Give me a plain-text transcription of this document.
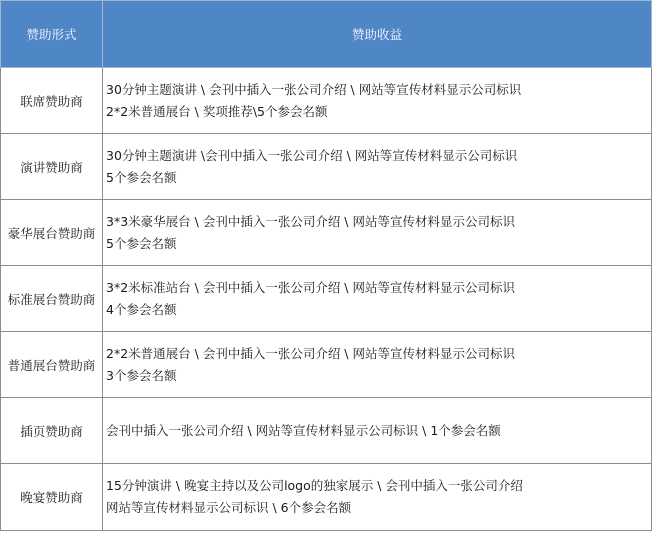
赞助形式	赞助收益
联席赞助商	30分钟主题演讲 \ 会刊中插入一张公司介绍 \ 网站等宣传材料显示公司标识
2*2米普通展台 \ 奖项推荐\5个参会名额

演讲赞助商	30分钟主题演讲 \会刊中插入一张公司介绍 \ 网站等宣传材料显示公司标识
5个参会名额

豪华展台赞助商	3*3米豪华展台 \ 会刊中插入一张公司介绍 \ 网站等宣传材料显示公司标识
5个参会名额

标准展台赞助商	3*2米标准站台 \ 会刊中插入一张公司介绍 \ 网站等宣传材料显示公司标识
4个参会名额

普通展台赞助商	2*2米普通展台 \ 会刊中插入一张公司介绍 \ 网站等宣传材料显示公司标识
3个参会名额

插页赞助商	会刊中插入一张公司介绍 \ 网站等宣传材料显示公司标识 \ 1个参会名额

晚宴赞助商	15分钟演讲 \ 晚宴主持以及公司logo的独家展示 \ 会刊中插入一张公司介绍
网站等宣传材料显示公司标识 \ 6个参会名额
